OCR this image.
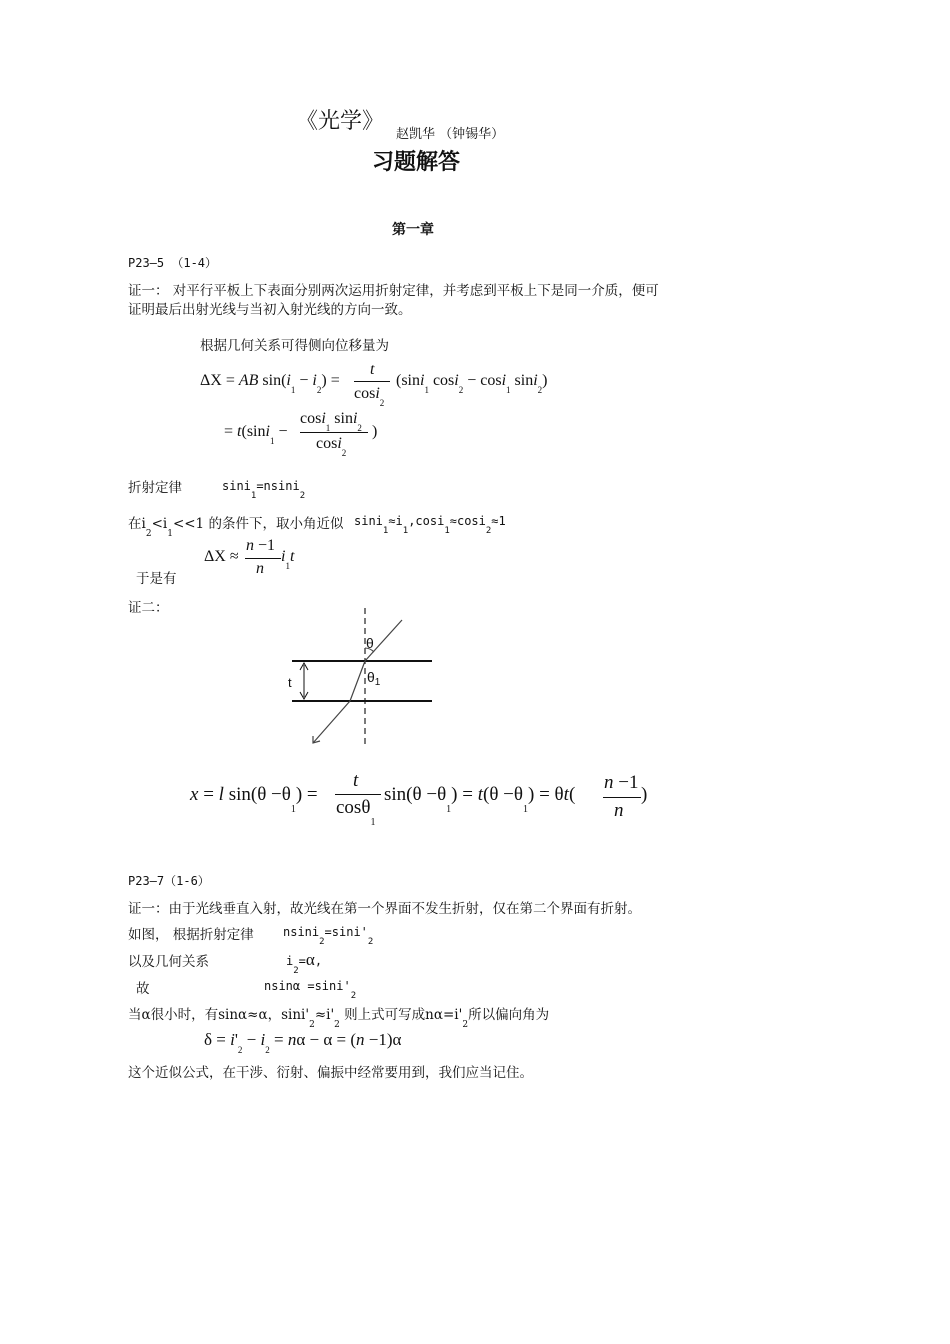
《光学》
赵凯华 （钟锡华）
习题解答
第一章
P23—5 （1-4）
证一： 对平行平板上下表面分别两次运用折射定律，并考虑到平板上下是同一介质，便可
证明最后出射光线与当初入射光线的方向一致。
根据几何关系可得侧向位移量为
ΔX = AB $\sin(i_1 - i_2)$ =
t
cosi$_2$
(sini$_1$ cosi$_2$ − cosi$_1$ sini$_2$)
= t(sini$_1$ −
cosi$_1$ sini$_2$
cosi$_2$
)
折射定律	sini$_1$=nsini$_2$
在$i_2<i_1<<1$ 的条件下，取小角近似 $\sin i_1\approx i_1,\cos i_1\approx\cos i_2\approx 1$
ΔX ≈
n −1
n
$i_1t$
于是有
证二：
t
θ
$\theta_1$
x = l $\sin(\theta -\theta_1)$ =
t
cosθ$_1$
$\sin(\theta -\theta_1) = t(\theta -\theta_1) = \theta t$(
n −1
n
)
P23—7（1-6）
证一：由于光线垂直入射，故光线在第一个界面不发生折射，仅在第二个界面有折射。
如图， 根据折射定律 $nsini_2=\sin i'_2$
以及几何关系	$i_2=\alpha$,
故	$nsin\alpha =\sin i'_2$
当α很小时，有sinα≈α，$\sin i'_2\approx i'_2$ 则上式可写成$n\alpha=i'_2$所以偏向角为
$\delta = i'_2 - i_2 = n\alpha - \alpha = (n -1)\alpha$
这个近似公式，在干涉、衍射、偏振中经常要用到，我们应当记住。
